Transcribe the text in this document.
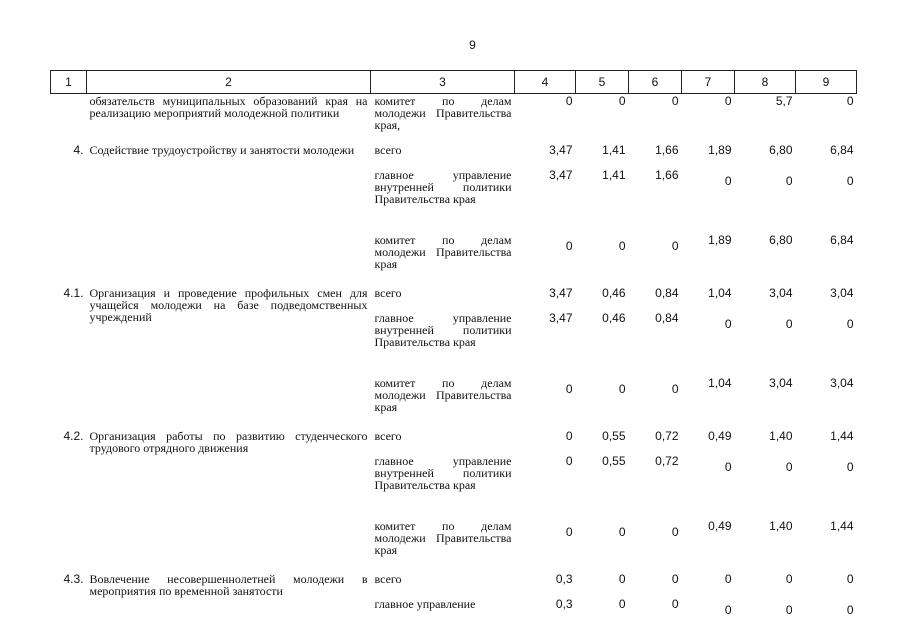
9
1	2	3	4	5	6	7	8	9
	обязательств муниципальных образований края на реализацию мероприятий молодежной политики	комитет по делам молодежи Правительства края,	0	0	0	0	5,7	0
4.	Содействие трудоустройству и занятости молодежи	всего	3,47	1,41	1,66	1,89	6,80	6,84
		главное управление внутренней политики Правительства края	3,47	1,41	1,66	0	0	0
		комитет по делам молодежи Правительства края	0	0	0	1,89	6,80	6,84
4.1.	Организация и проведение профильных смен для учащейся молодежи на базе подведомственных учреждений	всего	3,47	0,46	0,84	1,04	3,04	3,04
		главное управление внутренней политики Правительства края	3,47	0,46	0,84	0	0	0
		комитет по делам молодежи Правительства края	0	0	0	1,04	3,04	3,04
4.2.	Организация работы по развитию студенческого трудового отрядного движения	всего	0	0,55	0,72	0,49	1,40	1,44
		главное управление внутренней политики Правительства края	0	0,55	0,72	0	0	0
		комитет по делам молодежи Правительства края	0	0	0	0,49	1,40	1,44
4.3.	Вовлечение несовершеннолетней молодежи в мероприятия по временной занятости	всего	0,3	0	0	0	0	0
		главное управление	0,3	0	0	0	0	0
